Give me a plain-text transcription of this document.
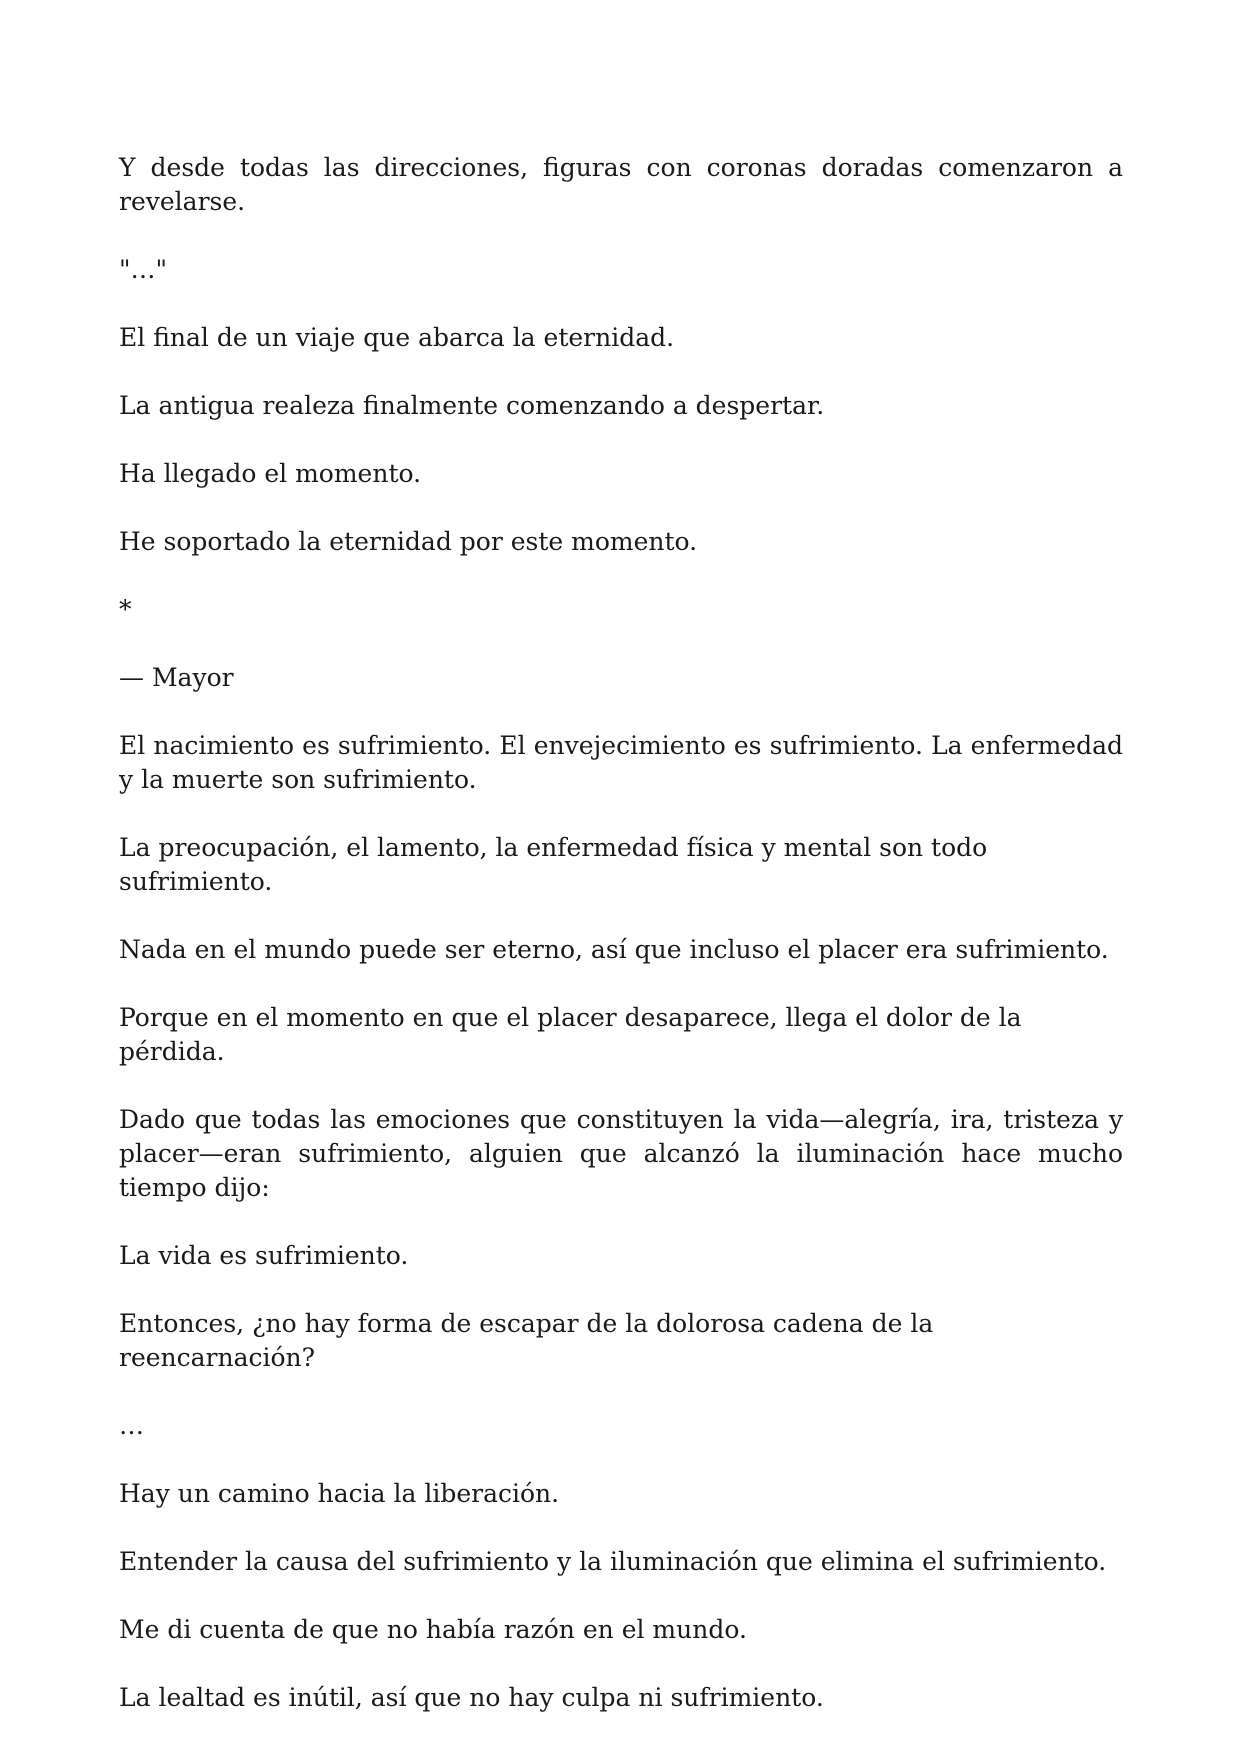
Y desde todas las direcciones, figuras con coronas doradas comenzaron a revelarse.

"…"

El final de un viaje que abarca la eternidad.

La antigua realeza finalmente comenzando a despertar.

Ha llegado el momento.

He soportado la eternidad por este momento.

*

— Mayor

El nacimiento es sufrimiento. El envejecimiento es sufrimiento. La enfermedad y la muerte son sufrimiento.

La preocupación, el lamento, la enfermedad física y mental son todo sufrimiento.

Nada en el mundo puede ser eterno, así que incluso el placer era sufrimiento.

Porque en el momento en que el placer desaparece, llega el dolor de la pérdida.

Dado que todas las emociones que constituyen la vida—alegría, ira, tristeza y placer—eran sufrimiento, alguien que alcanzó la iluminación hace mucho tiempo dijo:

La vida es sufrimiento.

Entonces, ¿no hay forma de escapar de la dolorosa cadena de la reencarnación?

…

Hay un camino hacia la liberación.

Entender la causa del sufrimiento y la iluminación que elimina el sufrimiento.

Me di cuenta de que no había razón en el mundo.

La lealtad es inútil, así que no hay culpa ni sufrimiento.
